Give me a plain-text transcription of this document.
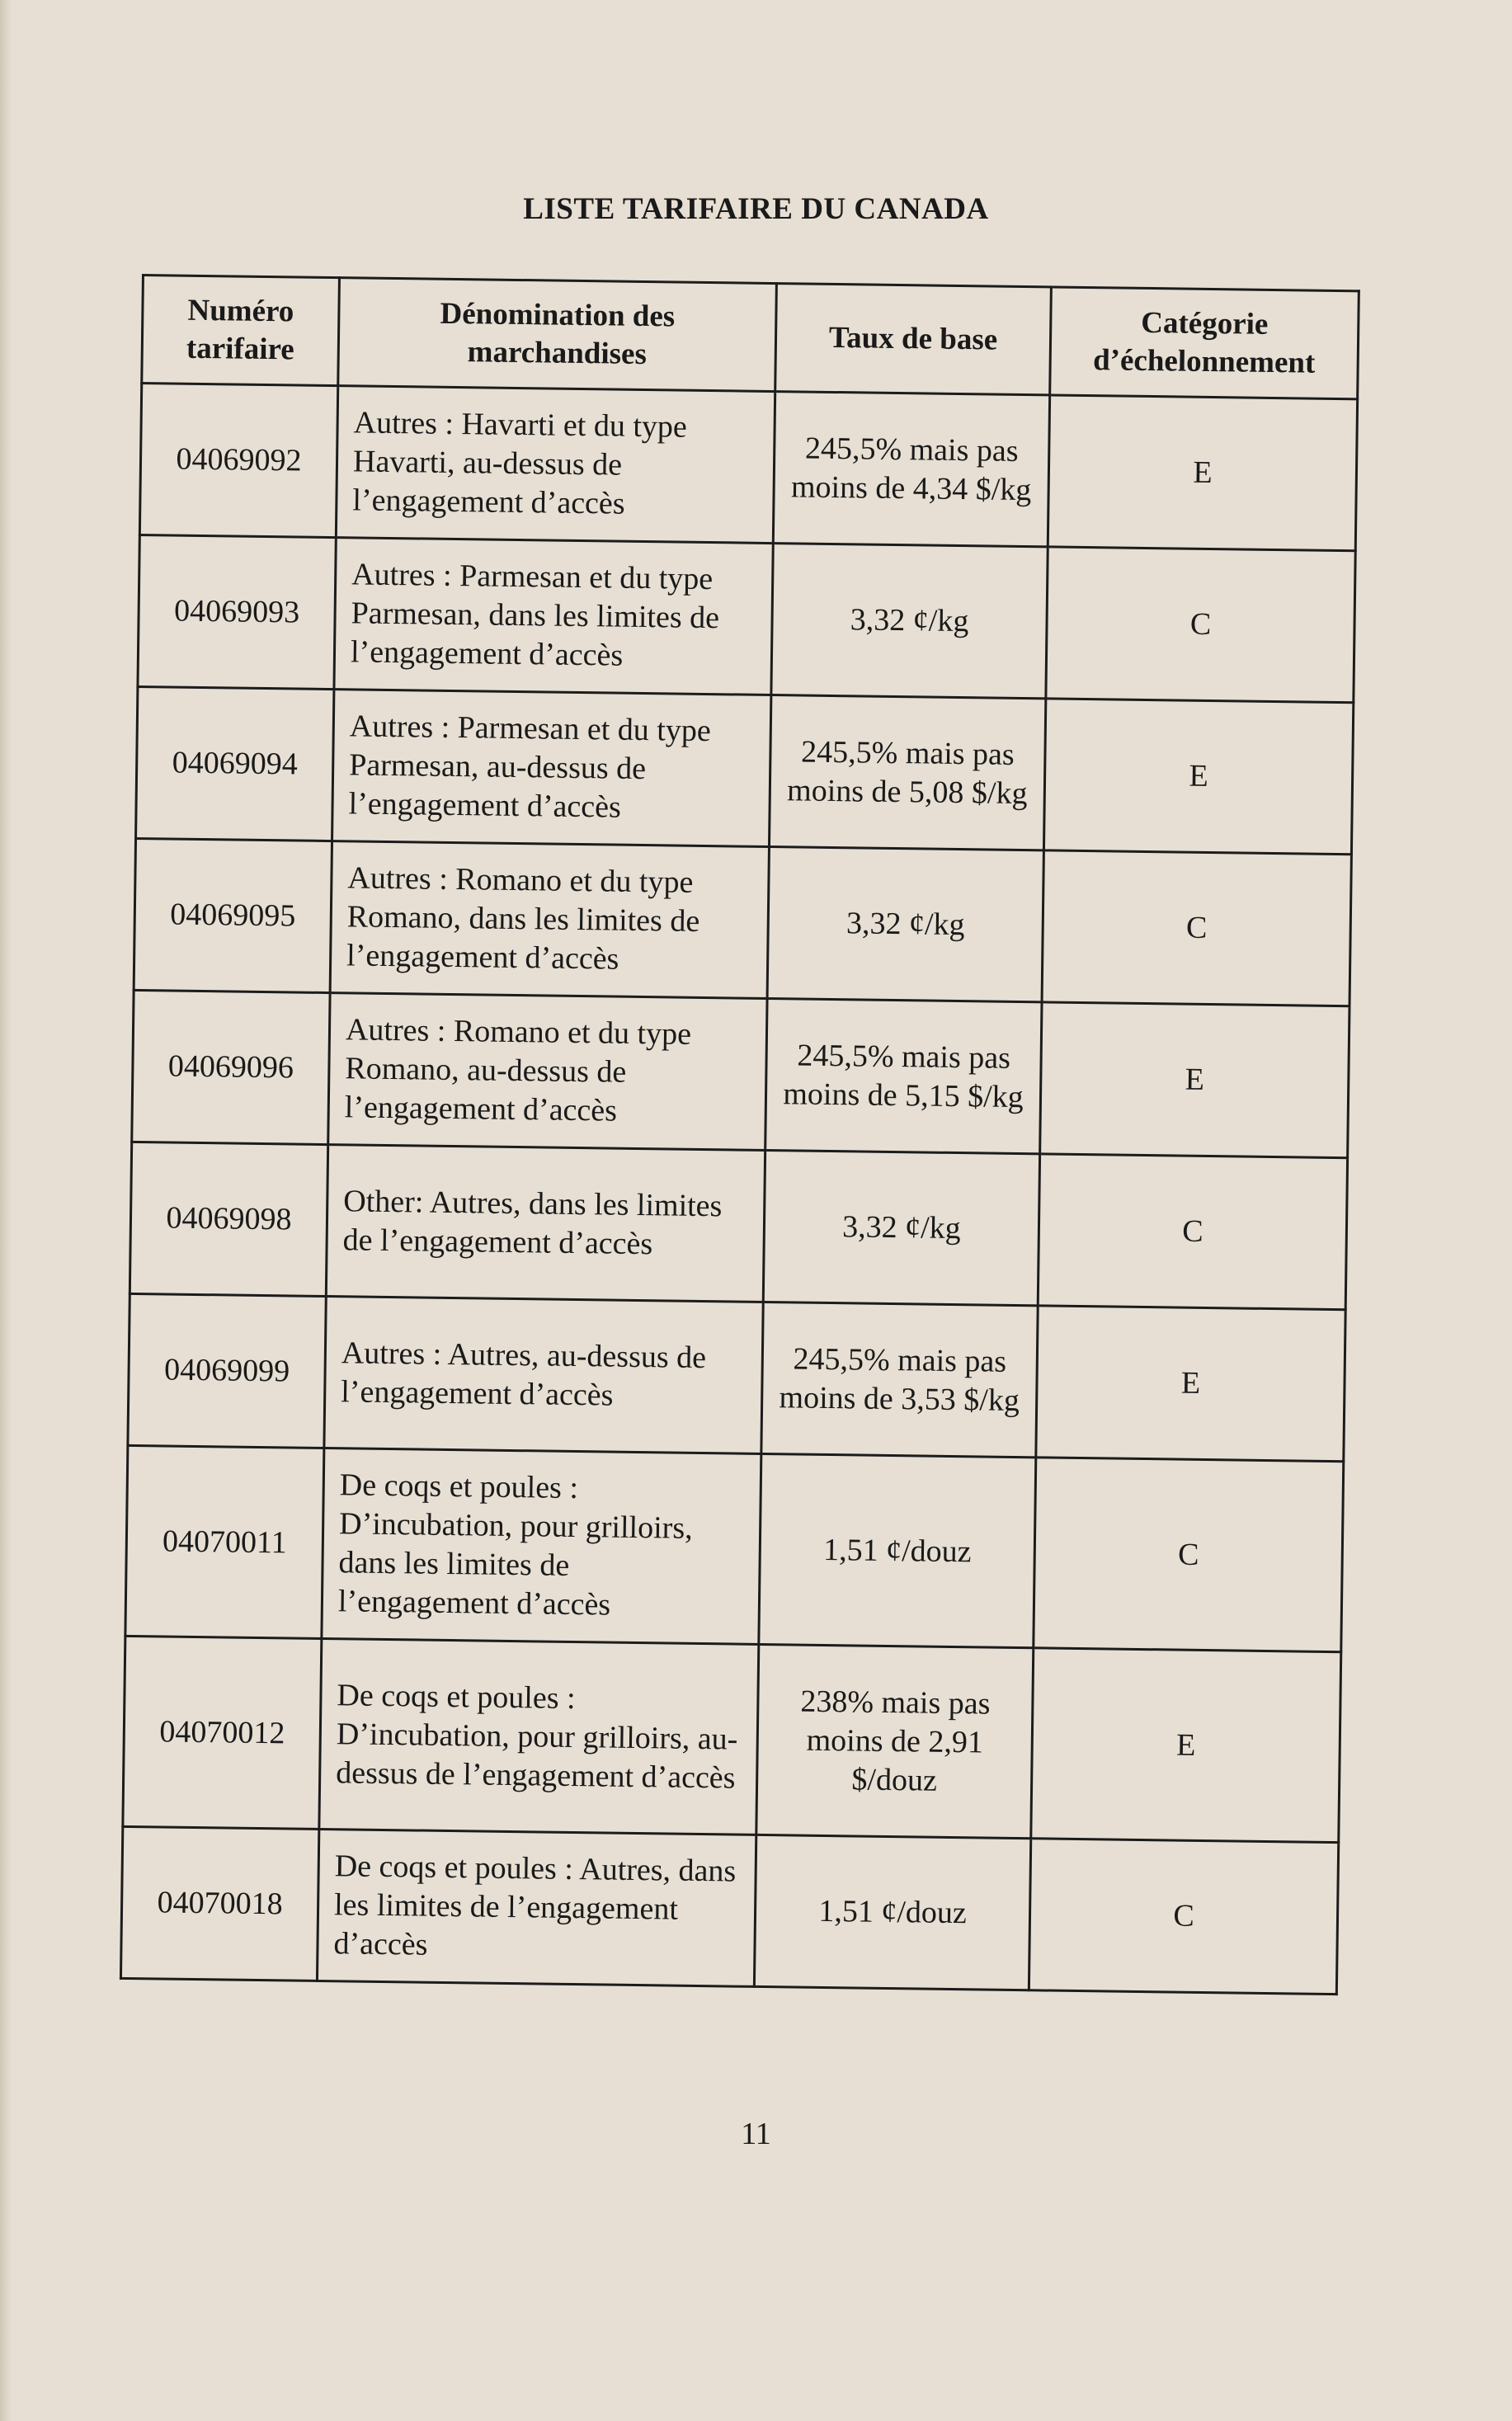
LISTE TARIFAIRE DU CANADA
Numéro tarifaire	Dénomination des marchandises	Taux de base	Catégorie d’échelonnement
04069092	Autres : Havarti et du type Havarti, au-dessus de l’engagement d’accès	245,5% mais pas moins de 4,34 $/kg	E
04069093	Autres : Parmesan et du type Parmesan, dans les limites de l’engagement d’accès	3,32 ¢/kg	C
04069094	Autres : Parmesan et du type Parmesan, au-dessus de l’engagement d’accès	245,5% mais pas moins de 5,08 $/kg	E
04069095	Autres : Romano et du type Romano, dans les limites de l’engagement d’accès	3,32 ¢/kg	C
04069096	Autres : Romano et du type Romano, au-dessus de l’engagement d’accès	245,5% mais pas moins de 5,15 $/kg	E
04069098	Other: Autres, dans les limites de l’engagement d’accès	3,32 ¢/kg	C
04069099	Autres : Autres, au-dessus de l’engagement d’accès	245,5% mais pas moins de 3,53 $/kg	E
04070011	De coqs et poules : D’incubation, pour grilloirs, dans les limites de l’engagement d’accès	1,51 ¢/douz	C
04070012	De coqs et poules : D’incubation, pour grilloirs, au-dessus de l’engagement d’accès	238% mais pas moins de 2,91 $/douz	E
04070018	De coqs et poules : Autres, dans les limites de l’engagement d’accès	1,51 ¢/douz	C
11
